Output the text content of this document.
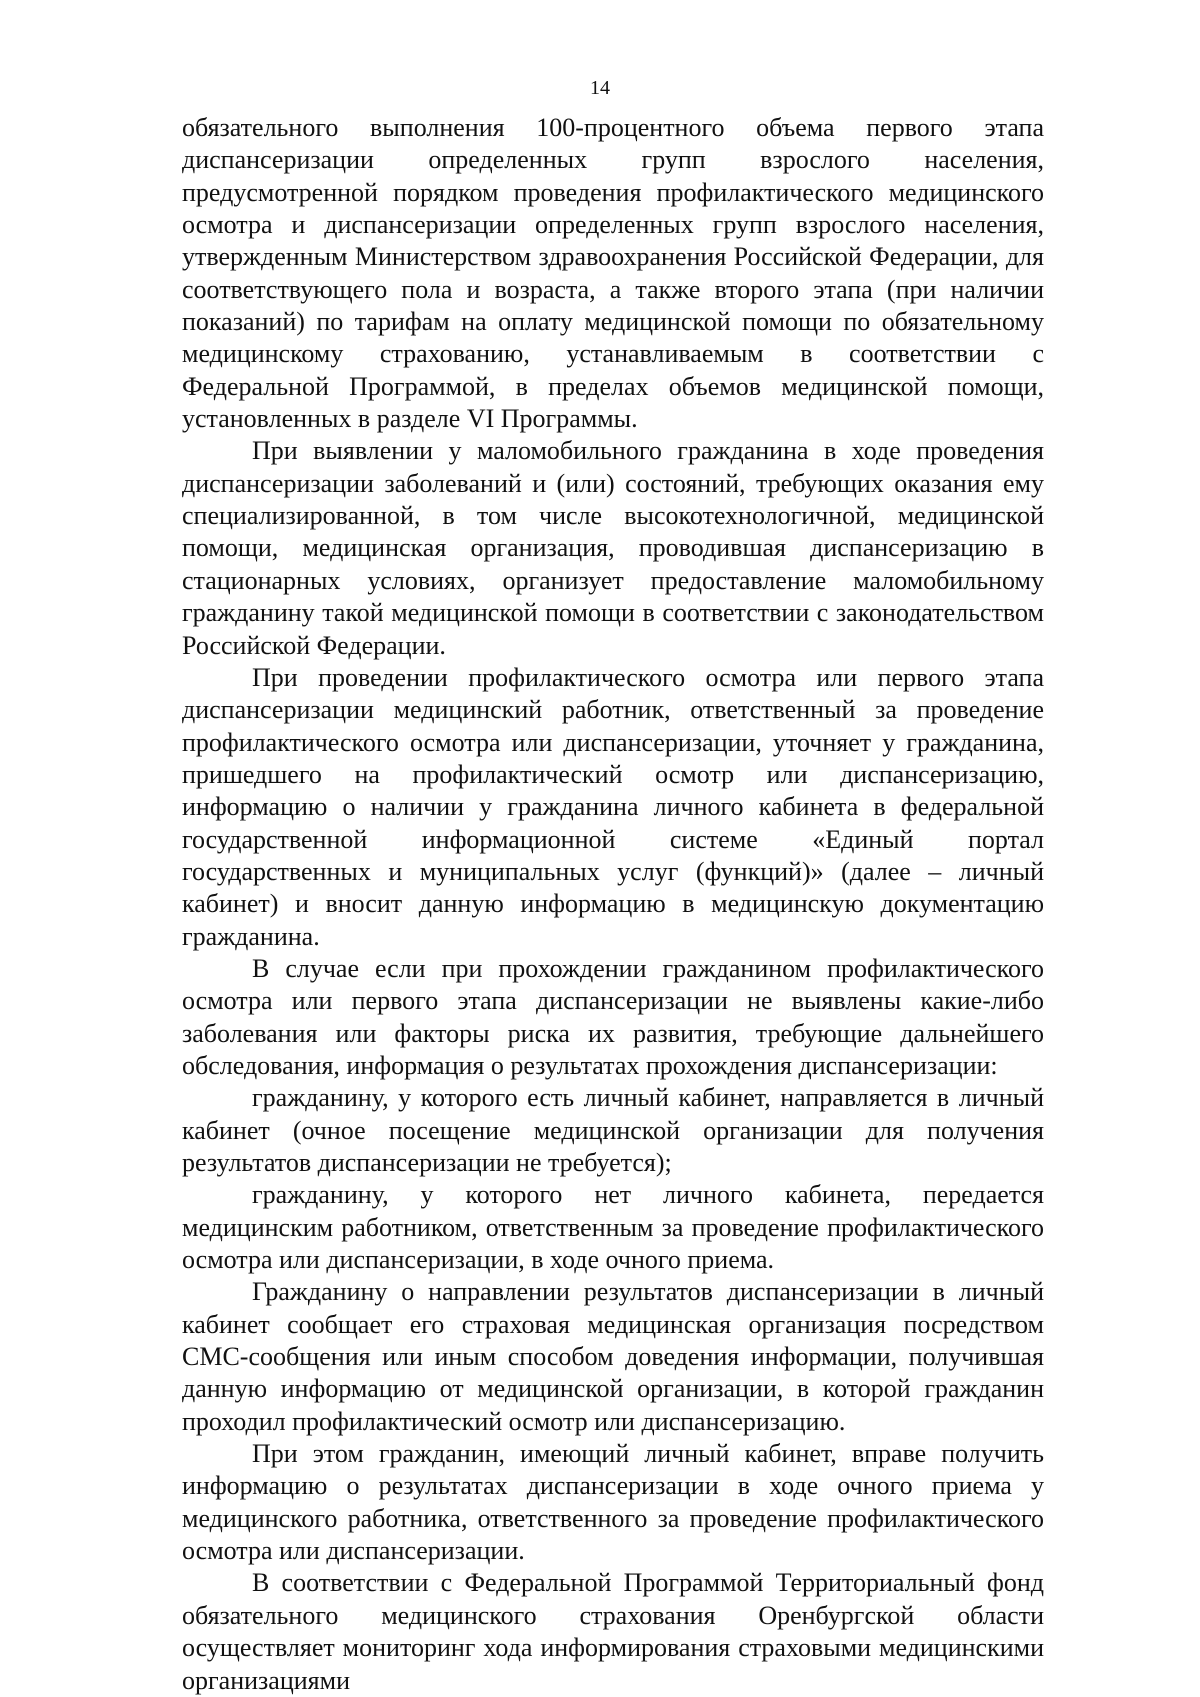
14

обязательного выполнения 100-процентного объема первого этапа диспансеризации определенных групп взрослого населения, предусмотренной порядком проведения профилактического медицинского осмотра и диспансеризации определенных групп взрослого населения, утвержденным Министерством здравоохранения Российской Федерации, для соответствующего пола и возраста, а также второго этапа (при наличии показаний) по тарифам на оплату медицинской помощи по обязательному медицинскому страхованию, устанавливаемым в соответствии с Федеральной Программой, в пределах объемов медицинской помощи, установленных в разделе VI Программы.

При выявлении у маломобильного гражданина в ходе проведения диспансеризации заболеваний и (или) состояний, требующих оказания ему специализированной, в том числе высокотехнологичной, медицинской помощи, медицинская организация, проводившая диспансеризацию в стационарных условиях, организует предоставление маломобильному гражданину такой медицинской помощи в соответствии с законодательством Российской Федерации.

При проведении профилактического осмотра или первого этапа диспансеризации медицинский работник, ответственный за проведение профилактического осмотра или диспансеризации, уточняет у гражданина, пришедшего на профилактический осмотр или диспансеризацию, информацию о наличии у гражданина личного кабинета в федеральной государственной информационной системе «Единый портал государственных и муниципальных услуг (функций)» (далее – личный кабинет) и вносит данную информацию в медицинскую документацию гражданина.

В случае если при прохождении гражданином профилактического осмотра или первого этапа диспансеризации не выявлены какие-либо заболевания или факторы риска их развития, требующие дальнейшего обследования, информация о результатах прохождения диспансеризации:

гражданину, у которого есть личный кабинет, направляется в личный кабинет (очное посещение медицинской организации для получения результатов диспансеризации не требуется);

гражданину, у которого нет личного кабинета, передается медицинским работником, ответственным за проведение профилактического осмотра или диспансеризации, в ходе очного приема.

Гражданину о направлении результатов диспансеризации в личный кабинет сообщает его страховая медицинская организация посредством СМС-сообщения или иным способом доведения информации, получившая данную информацию от медицинской организации, в которой гражданин проходил профилактический осмотр или диспансеризацию.

При этом гражданин, имеющий личный кабинет, вправе получить информацию о результатах диспансеризации в ходе очного приема у медицинского работника, ответственного за проведение профилактического осмотра или диспансеризации.

В соответствии с Федеральной Программой Территориальный фонд обязательного медицинского страхования Оренбургской области осуществляет мониторинг хода информирования страховыми медицинскими организациями
